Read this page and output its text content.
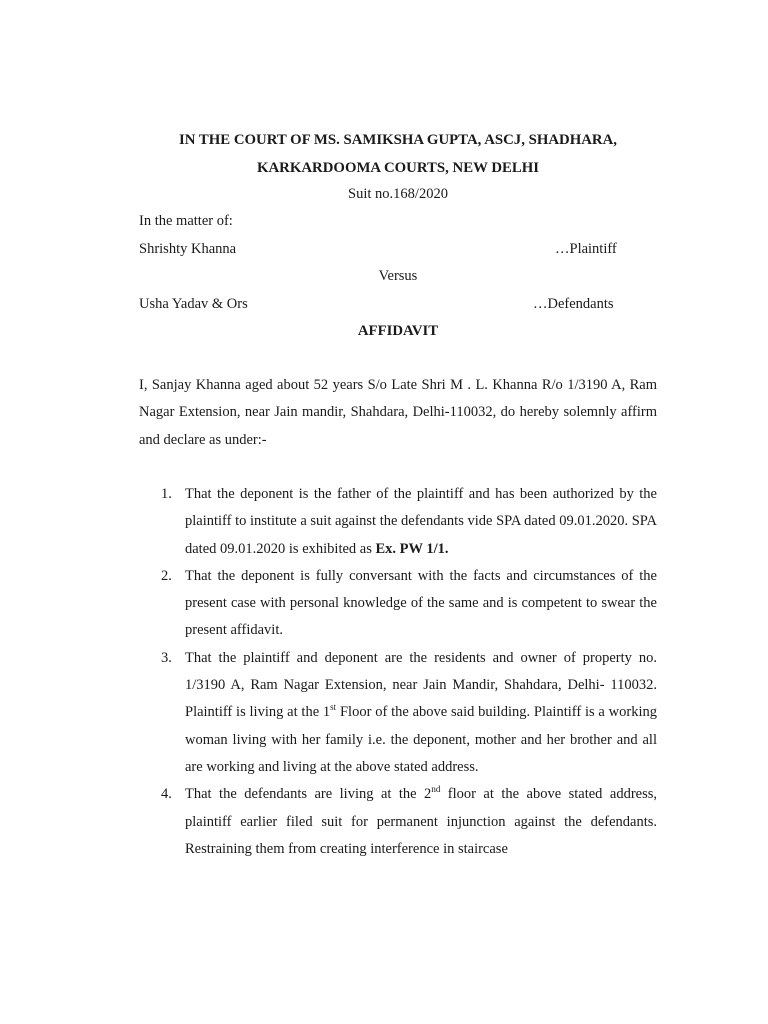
IN THE COURT OF MS. SAMIKSHA GUPTA, ASCJ, SHADHARA,
KARKARDOOMA COURTS, NEW DELHI
Suit no.168/2020
In the matter of:
Shrishty Khanna	…Plaintiff
Versus
Usha Yadav & Ors	…Defendants
AFFIDAVIT
I, Sanjay Khanna aged about 52 years S/o Late Shri M . L. Khanna R/o 1/3190 A, Ram Nagar Extension, near Jain mandir, Shahdara, Delhi-110032, do hereby solemnly affirm and declare as under:-
1. That the deponent is the father of the plaintiff and has been authorized by the plaintiff to institute a suit against the defendants vide SPA dated 09.01.2020. SPA dated 09.01.2020 is exhibited as Ex. PW 1/1.
2. That the deponent is fully conversant with the facts and circumstances of the present case with personal knowledge of the same and is competent to swear the present affidavit.
3. That the plaintiff and deponent are the residents and owner of property no. 1/3190 A, Ram Nagar Extension, near Jain Mandir, Shahdara, Delhi- 110032. Plaintiff is living at the 1st Floor of the above said building. Plaintiff is a working woman living with her family i.e. the deponent, mother and her brother and all are working and living at the above stated address.
4. That the defendants are living at the 2nd floor at the above stated address, plaintiff earlier filed suit for permanent injunction against the defendants. Restraining them from creating interference in staircase
